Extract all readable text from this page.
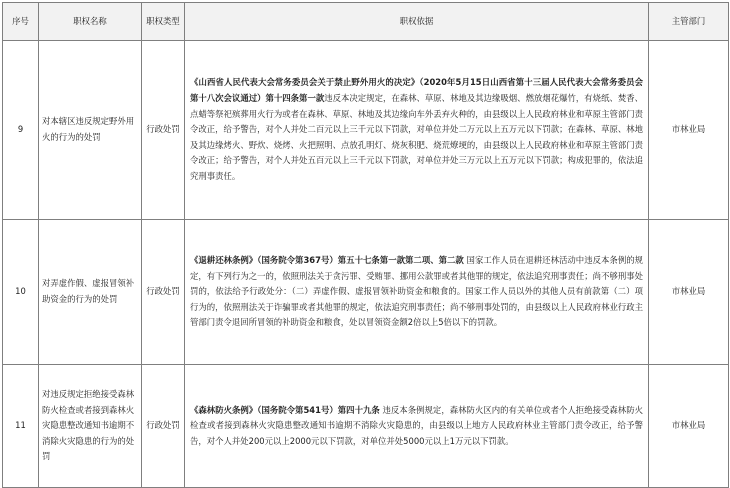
序号	职权名称	职权类型	职权依据	主管部门
9	对本辖区违反规定野外用火的行为的处罚	行政处罚	《山西省人民代表大会常务委员会关于禁止野外用火的决定》（2020年5月15日山西省第十三届人民代表大会常务委员会第十八次会议通过）第十四条第一款违反本决定规定，在森林、草原、林地及其边缘吸烟、燃放烟花爆竹，有烧纸、焚香、点蜡等祭祀殡葬用火行为或者在森林、草原、林地及其边缘向车外丢弃火种的，由县级以上人民政府林业和草原主管部门责令改正，给予警告，对个人并处二百元以上三千元以下罚款，对单位并处二万元以上五万元以下罚款；在森林、草原、林地及其边缘烤火、野炊、烧烤、火把照明、点放孔明灯、烧灰积肥、烧荒燎埂的，由县级以上人民政府林业和草原主管部门责令改正；给予警告，对个人并处五百元以上三千元以下罚款，对单位并处三万元以上五万元以下罚款；构成犯罪的，依法追究刑事责任。	市林业局
10	对弄虚作假、虚报冒领补助资金的行为的处罚	行政处罚	《退耕还林条例》（国务院令第367号）第五十七条第一款第二项、第二款 国家工作人员在退耕还林活动中违反本条例的规定，有下列行为之一的，依照刑法关于贪污罪、受贿罪、挪用公款罪或者其他罪的规定，依法追究刑事责任；尚不够刑事处罚的，依法给予行政处分：（二）弄虚作假、虚报冒领补助资金和粮食的。国家工作人员以外的其他人员有前款第（二）项行为的，依照刑法关于诈骗罪或者其他罪的规定，依法追究刑事责任；尚不够刑事处罚的，由县级以上人民政府林业行政主管部门责令退回所冒领的补助资金和粮食，处以冒领资金额2倍以上5倍以下的罚款。	市林业局
11	对违反规定拒绝接受森林防火检查或者接到森林火灾隐患整改通知书逾期不消除火灾隐患的行为的处罚	行政处罚	《森林防火条例》（国务院令第541号）第四十九条 违反本条例规定，森林防火区内的有关单位或者个人拒绝接受森林防火检查或者接到森林火灾隐患整改通知书逾期不消除火灾隐患的，由县级以上地方人民政府林业主管部门责令改正，给予警告，对个人并处200元以上2000元以下罚款，对单位并处5000元以上1万元以下罚款。	市林业局
